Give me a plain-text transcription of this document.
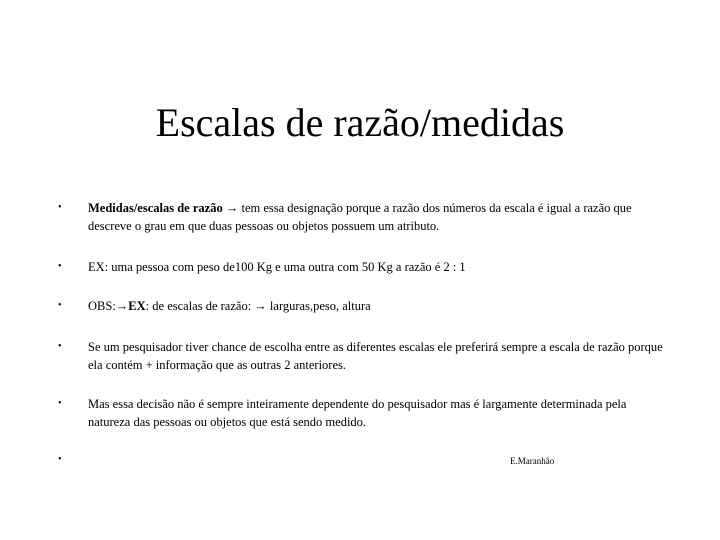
Escalas de razão/medidas
•	Medidas/escalas de razão → tem essa designação porque a razão dos números da escala é igual a razão que descreve o grau em que duas pessoas ou objetos possuem um atributo.
•	EX: uma pessoa com peso de100 Kg e uma outra com 50 Kg a razão é 2 : 1
•	OBS:→EX: de escalas de razão: → larguras,peso, altura
•	Se um pesquisador tiver chance de escolha entre as diferentes escalas ele preferirá sempre a escala de razão porque ela contém + informação que as outras 2 anteriores.
•	Mas essa decisão não é sempre inteiramente dependente do pesquisador mas é largamente determinada pela natureza das pessoas ou objetos que está sendo medido.
•	E.Maranhão
